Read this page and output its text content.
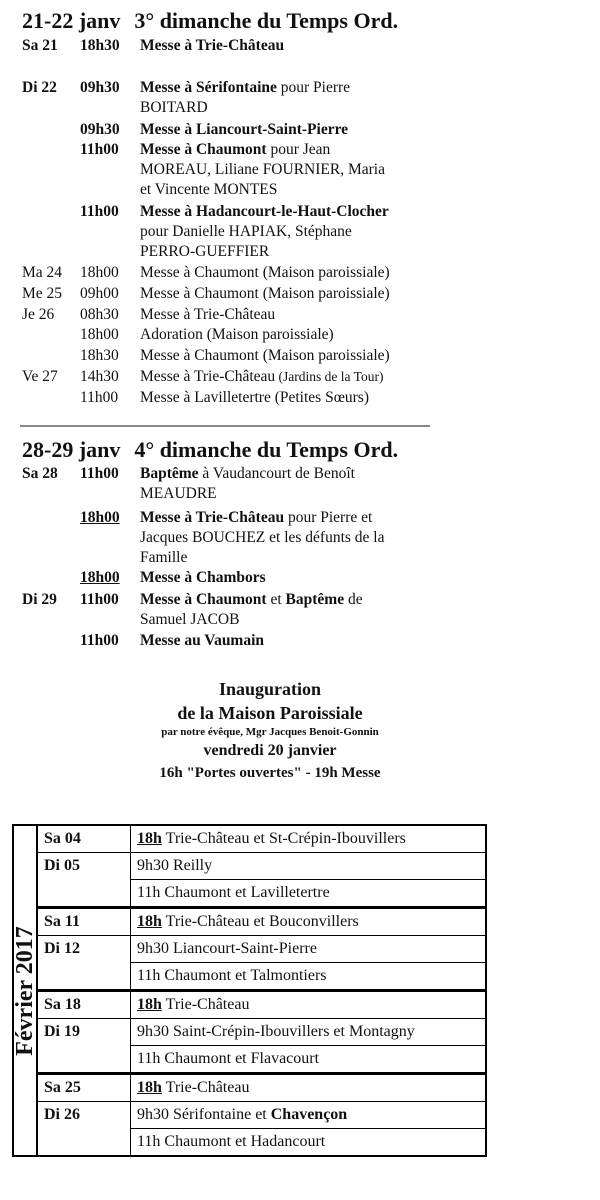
21-22 janv 3° dimanche du Temps Ord.
Sa 21 18h30 Messe à Trie-Château
Di 22 09h30 Messe à Sérifontaine pour Pierre
BOITARD
09h30 Messe à Liancourt-Saint-Pierre
11h00 Messe à Chaumont pour Jean
MOREAU, Liliane FOURNIER, Maria
et Vincente MONTES
11h00 Messe à Hadancourt-le-Haut-Clocher
pour Danielle HAPIAK, Stéphane
PERRO-GUEFFIER
Ma 24 18h00 Messe à Chaumont (Maison paroissiale)
Me 25 09h00 Messe à Chaumont (Maison paroissiale)
Je 26 08h30 Messe à Trie-Château
18h00 Adoration (Maison paroissiale)
18h30 Messe à Chaumont (Maison paroissiale)
Ve 27 14h30 Messe à Trie-Château (Jardins de la Tour)
11h00 Messe à Lavilletertre (Petites Sœurs)
28-29 janv 4° dimanche du Temps Ord.
Sa 28 11h00 Baptême à Vaudancourt de Benoît
MEAUDRE
18h00 Messe à Trie-Château pour Pierre et
Jacques BOUCHEZ et les défunts de la
Famille
18h00 Messe à Chambors
Di 29 11h00 Messe à Chaumont et Baptême de
Samuel JACOB
11h00 Messe au Vaumain
Inauguration
de la Maison Paroissiale
par notre évêque, Mgr Jacques Benoit-Gonnin
vendredi 20 janvier
16h "Portes ouvertes" - 19h Messe
Février 2017	Sa 04	18h Trie-Château et St-Crépin-Ibouvillers
	Di 05	9h30 Reilly
		11h Chaumont et Lavilletertre
	Sa 11	18h Trie-Château et Bouconvillers
	Di 12	9h30 Liancourt-Saint-Pierre
		11h Chaumont et Talmontiers
	Sa 18	18h Trie-Château
	Di 19	9h30 Saint-Crépin-Ibouvillers et Montagny
		11h Chaumont et Flavacourt
	Sa 25	18h Trie-Château
	Di 26	9h30 Sérifontaine et Chavençon
		11h Chaumont et Hadancourt
